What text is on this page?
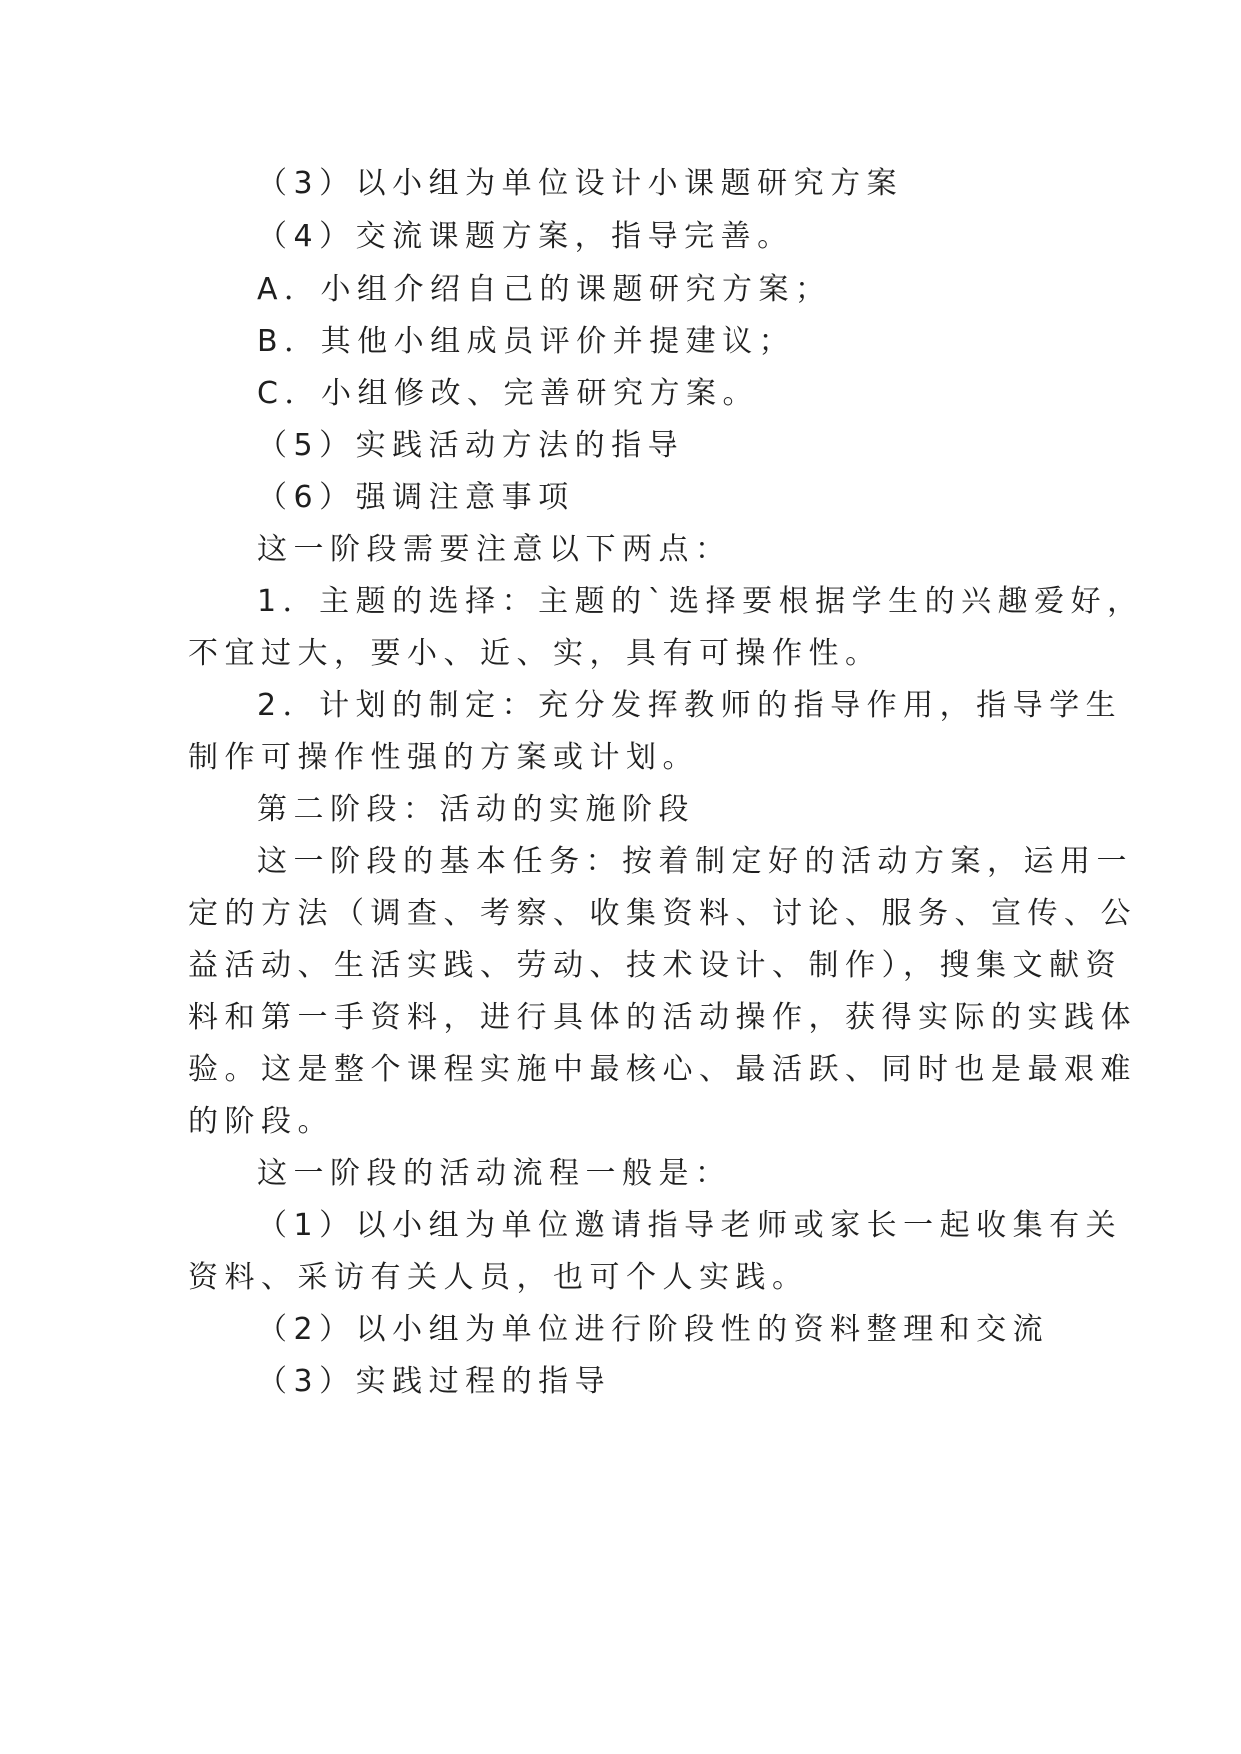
（3）以小组为单位设计小课题研究方案

（4）交流课题方案，指导完善。

A．小组介绍自己的课题研究方案；

B．其他小组成员评价并提建议；

C．小组修改、完善研究方案。

（5）实践活动方法的指导

（6）强调注意事项

这一阶段需要注意以下两点：

1．主题的选择：主题的`选择要根据学生的兴趣爱好，

不宜过大，要小、近、实，具有可操作性。

2．计划的制定：充分发挥教师的指导作用，指导学生

制作可操作性强的方案或计划。

第二阶段：活动的实施阶段

这一阶段的基本任务：按着制定好的活动方案，运用一

定的方法（调查、考察、收集资料、讨论、服务、宣传、公

益活动、生活实践、劳动、技术设计、制作），搜集文献资

料和第一手资料，进行具体的活动操作，获得实际的实践体

验。这是整个课程实施中最核心、最活跃、同时也是最艰难

的阶段。

这一阶段的活动流程一般是：

（1）以小组为单位邀请指导老师或家长一起收集有关

资料、采访有关人员，也可个人实践。

（2）以小组为单位进行阶段性的资料整理和交流

（3）实践过程的指导
